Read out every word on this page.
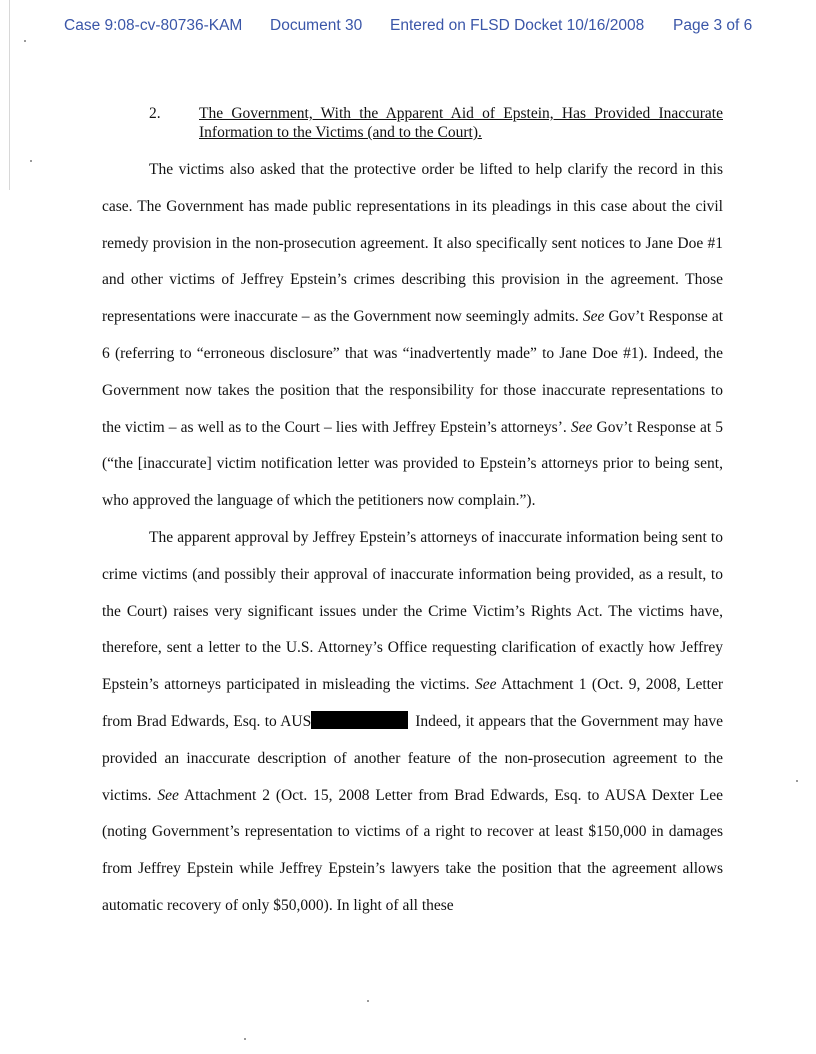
Case 9:08-cv-80736-KAM Document 30 Entered on FLSD Docket 10/16/2008 Page 3 of 6
2.	The Government, With the Apparent Aid of Epstein, Has Provided Inaccurate Information to the Victims (and to the Court).

The victims also asked that the protective order be lifted to help clarify the record in this case. The Government has made public representations in its pleadings in this case about the civil remedy provision in the non-prosecution agreement. It also specifically sent notices to Jane Doe #1 and other victims of Jeffrey Epstein’s crimes describing this provision in the agreement. Those representations were inaccurate – as the Government now seemingly admits. See Gov’t Response at 6 (referring to “erroneous disclosure” that was “inadvertently made” to Jane Doe #1). Indeed, the Government now takes the position that the responsibility for those inaccurate representations to the victim – as well as to the Court – lies with Jeffrey Epstein’s attorneys’. See Gov’t Response at 5 (“the [inaccurate] victim notification letter was provided to Epstein’s attorneys prior to being sent, who approved the language of which the petitioners now complain.”).

The apparent approval by Jeffrey Epstein’s attorneys of inaccurate information being sent to crime victims (and possibly their approval of inaccurate information being provided, as a result, to the Court) raises very significant issues under the Crime Victim’s Rights Act. The victims have, therefore, sent a letter to the U.S. Attorney’s Office requesting clarification of exactly how Jeffrey Epstein’s attorneys participated in misleading the victims. See Attachment 1 (Oct. 9, 2008, Letter from Brad Edwards, Esq. to AUS	Indeed, it appears that the Government may have provided an inaccurate description of another feature of the non-prosecution agreement to the victims. See Attachment 2 (Oct. 15, 2008 Letter from Brad Edwards, Esq. to AUSA Dexter Lee (noting Government’s representation to victims of a right to recover at least $150,000 in damages from Jeffrey Epstein while Jeffrey Epstein’s lawyers take the position that the agreement allows automatic recovery of only $50,000). In light of all these
